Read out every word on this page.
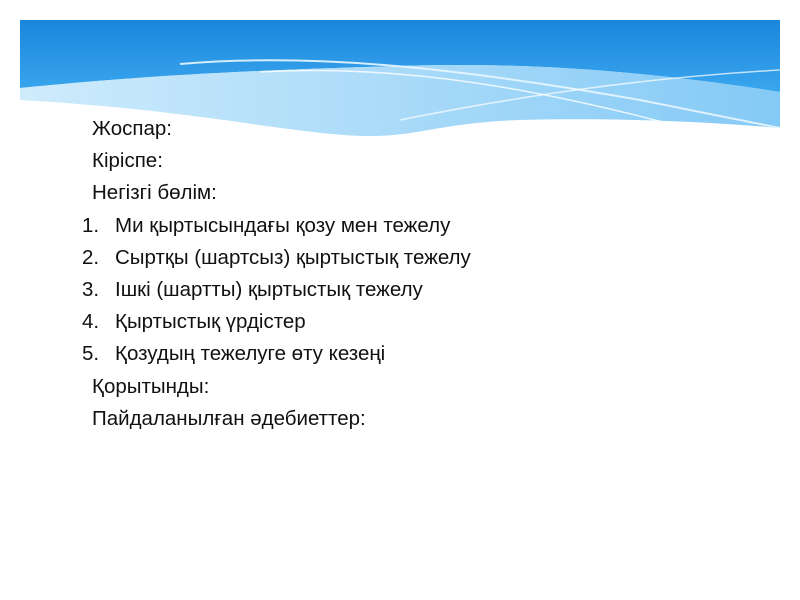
Жоспар:
Кіріспе:
Негізгі бөлім:
1. Ми қыртысындағы қозу мен тежелу
2. Сыртқы (шартсыз) қыртыстық тежелу
3. Ішкі (шартты) қыртыстық тежелу
4. Қыртыстық үрдістер
5. Қозудың тежелуге өту кезеңі
Қорытынды:
Пайдаланылған әдебиеттер:
